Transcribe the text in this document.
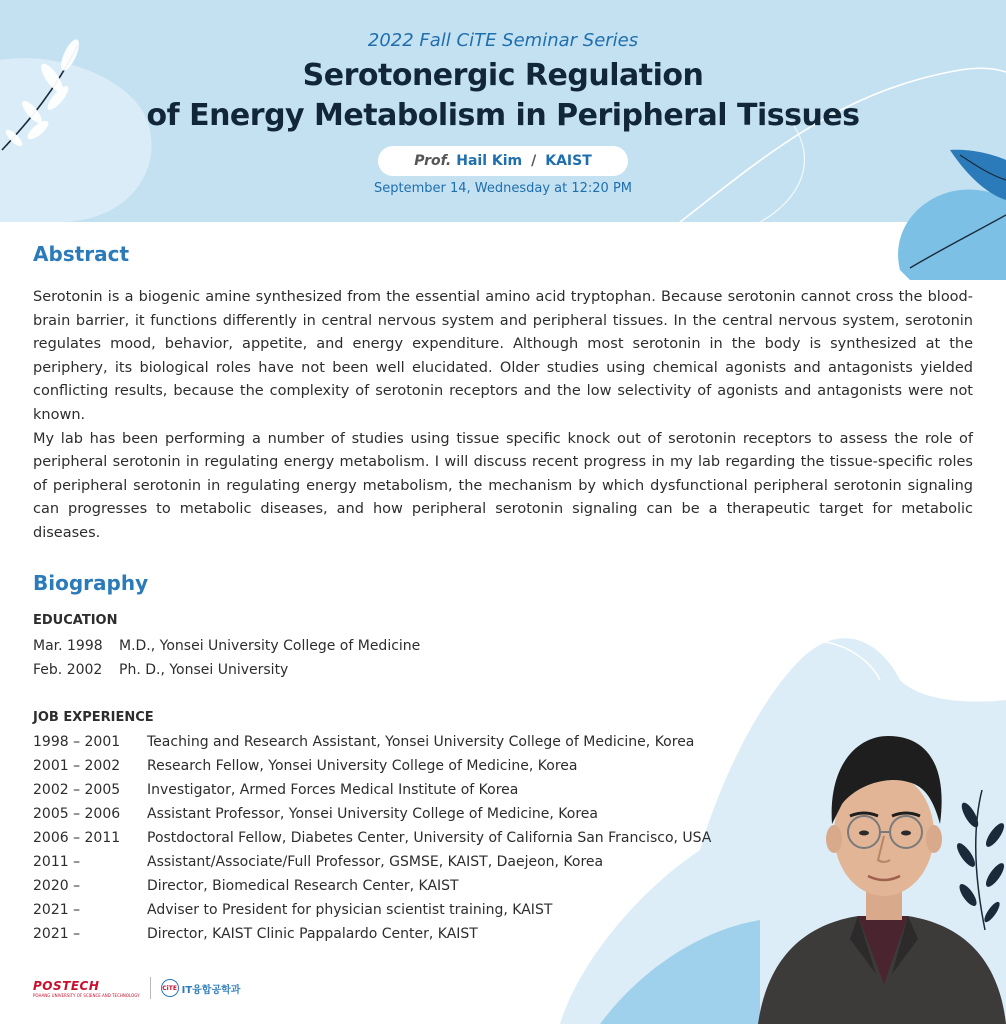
2022 Fall CiTE Seminar Series
Serotonergic Regulation
of Energy Metabolism in Peripheral Tissues
Prof. Hail Kim / KAIST
September 14, Wednesday at 12:20 PM
Abstract
Serotonin is a biogenic amine synthesized from the essential amino acid tryptophan. Because serotonin cannot cross the blood-brain barrier, it functions differently in central nervous system and peripheral tissues. In the central nervous system, serotonin regulates mood, behavior, appetite, and energy expenditure. Although most serotonin in the body is synthesized at the periphery, its biological roles have not been well elucidated. Older studies using chemical agonists and antagonists yielded conflicting results, because the complexity of serotonin receptors and the low selectivity of agonists and antagonists were not known.
My lab has been performing a number of studies using tissue specific knock out of serotonin receptors to assess the role of peripheral serotonin in regulating energy metabolism. I will discuss recent progress in my lab regarding the tissue-specific roles of peripheral serotonin in regulating energy metabolism, the mechanism by which dysfunctional peripheral serotonin signaling can progresses to metabolic diseases, and how peripheral serotonin signaling can be a therapeutic target for metabolic diseases.
Biography
EDUCATION
Mar. 1998 M.D., Yonsei University College of Medicine
Feb. 2002 Ph. D., Yonsei University
JOB EXPERIENCE
1998 – 2001 Teaching and Research Assistant, Yonsei University College of Medicine, Korea
2001 – 2002 Research Fellow, Yonsei University College of Medicine, Korea
2002 – 2005 Investigator, Armed Forces Medical Institute of Korea
2005 – 2006 Assistant Professor, Yonsei University College of Medicine, Korea
2006 – 2011 Postdoctoral Fellow, Diabetes Center, University of California San Francisco, USA
2011 –	Assistant/Associate/Full Professor, GSMSE, KAIST, Daejeon, Korea
2020 –	Director, Biomedical Research Center, KAIST
2021 –	Adviser to President for physician scientist training, KAIST
2021 –	Director, KAIST Clinic Pappalardo Center, KAIST
POSTECH
POHANG UNIVERSITY OF SCIENCE AND TECHNOLOGY
CiTE IT융합공학과
